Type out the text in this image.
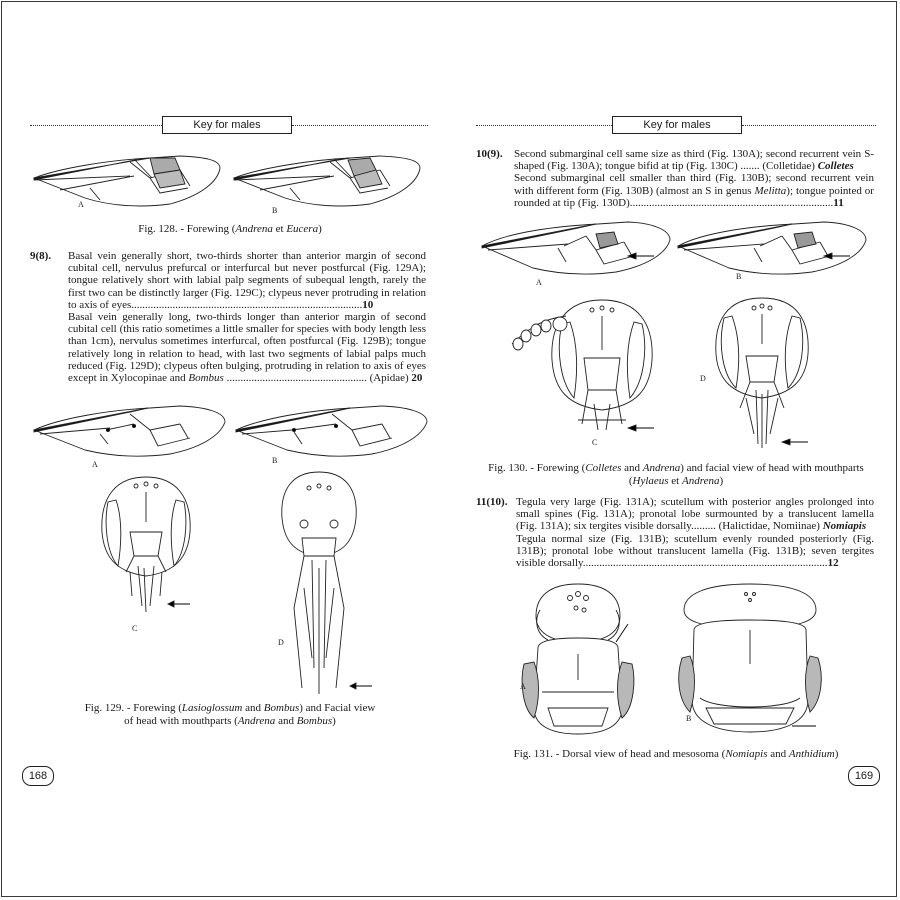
Key for males
A
B
Fig. 128. - Forewing (Andrena et Eucera)
9(8). Basal vein generally short, two-thirds shorter than anterior margin of second cubital cell, nervulus prefurcal or interfurcal but never postfurcal (Fig. 129A); tongue relatively short with labial palp segments of subequal length, rarely the first two can be distinctly larger (Fig. 129C); clypeus never protruding in relation to axis of eyes....................................................................................10

Basal vein generally long, two-thirds longer than anterior margin of second cubital cell (this ratio sometimes a little smaller for species with body length less than 1cm), nervulus sometimes interfurcal, often postfurcal (Fig. 129B); tongue relatively long in relation to head, with last two segments of labial palps much reduced (Fig. 129D); clypeus often bulging, protruding in relation to axis of eyes except in Xylocopinae and Bombus ................................................... (Apidae) 20

A	B
C
D
Fig. 129. - Forewing (Lasioglossum and Bombus) and Facial view
of head with mouthparts (Andrena and Bombus)
168
Key for males
10(9). Second submarginal cell same size as third (Fig. 130A); second recurrent vein S-shaped (Fig. 130A); tongue bifid at tip (Fig. 130C) ....... (Colletidae) Colletes

Second submarginal cell smaller than third (Fig. 130B); second recurrent vein with different form (Fig. 130B) (almost an S in genus Melitta); tongue pointed or rounded at tip (Fig. 130D)..........................................................................11

A
B
C
D
Fig. 130. - Forewing (Colletes and Andrena) and facial view of head with mouthparts
(Hylaeus et Andrena)
11(10). Tegula very large (Fig. 131A); scutellum with posterior angles prolonged into small spines (Fig. 131A); pronotal lobe surmounted by a translucent lamella (Fig. 131A); six tergites visible dorsally......... (Halictidae, Nomiinae) Nomiapis

Tegula normal size (Fig. 131B); scutellum evenly rounded posteriorly (Fig. 131B); pronotal lobe without translucent lamella (Fig. 131B); seven tergites visible dorsally.........................................................................................12

A
B
Fig. 131. - Dorsal view of head and mesosoma (Nomiapis and Anthidium)
169
